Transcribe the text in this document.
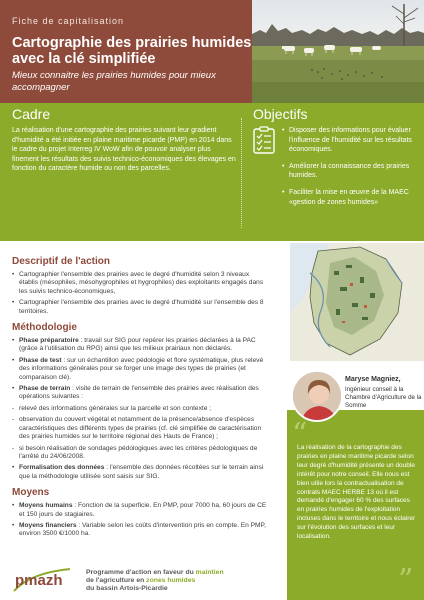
Fiche de capitalisation
Cartographie des prairies humides avec la clé simplifiée
Mieux connaitre les prairies humides pour mieux accompagner
Cadre
La réalisation d'une cartographie des prairies suivant leur gradient d'humidité a été initiée en plaine maritime picarde (PMP) en 2014 dans le cadre du projet Interreg IV WoW afin de pouvoir analyser plus finement les résultats des suivis technico-économiques des élevages en fonction du caractère humide ou non des parcelles.
Objectifs
• Disposer des informations pour évaluer l'influence de l'humidité sur les résultats économiques.
• Améliorer la connaissance des prairies humides.
• Faciliter la mise en œuvre de la MAEC «gestion de zones humides»
Descriptif de l'action
• Cartographier l'ensemble des prairies avec le degré d'humidité selon 3 niveaux établis (mésophiles, mésohygrophiles et hygrophiles) des exploitants engagés dans les suivis technico-économiques,
• Cartographier l'ensemble des prairies avec le degré d'humidité sur l'ensemble des 8 territoires.
Méthodologie
• Phase préparatoire : travail sur SIG pour repérer les prairies déclarées à la PAC (grâce à l'utilisation du RPG) ainsi que les milieux prairiaux non déclarés.
• Phase de test : sur un échantillon avec pédologie et flore systématique, plus relevé des informations générales pour se forger une image des types de prairies (et comparaison clé).
• Phase de terrain : visite de terrain de l'ensemble des prairies avec réalisation des opérations suivantes :
- relevé des informations générales sur la parcelle et son contexte ;
- observation du couvert végétal et notamment de la présence/absence d'espèces caractéristiques des différents types de prairies (cf. clé simplifiée de caractérisation des prairies humides sur le territoire régional des Hauts de France) ;
- si besoin réalisation de sondages pédologiques avec les critères pédologiques de l'arrêté du 24/06/2008.
• Formalisation des données : l'ensemble des données récoltées sur le terrain ainsi que la méthodologie utilisée sont saisis sur SIG.
Moyens
• Moyens humains : Fonction de la superficie. En PMP, pour 7000 ha, 60 jours de CE et 150 jours de stagiaires.
• Moyens financiers : Variable selon les coûts d'intervention pris en compte. En PMP, environ 3500 €/1000 ha.
Maryse Magniez,
Ingénieur conseil à la Chambre d'Agriculture de la Somme
“
La réalisation de la cartographie des prairies en plaine maritime picarde selon leur degré d'humidité présente un double intérêt pour notre conseil. Elle nous est bien utile lors la contractualisation de contrats MAEC HERBE 13 où il est demandé d'engager 60 % des surfaces en prairies humides de l'exploitation incluses dans le territoire et nous éclairer sur l'évolution des surfaces et leur localisation.
”
pmazh	Programme d'action en faveur du maintien
de l'agriculture en zones humides
du bassin Artois-Picardie
